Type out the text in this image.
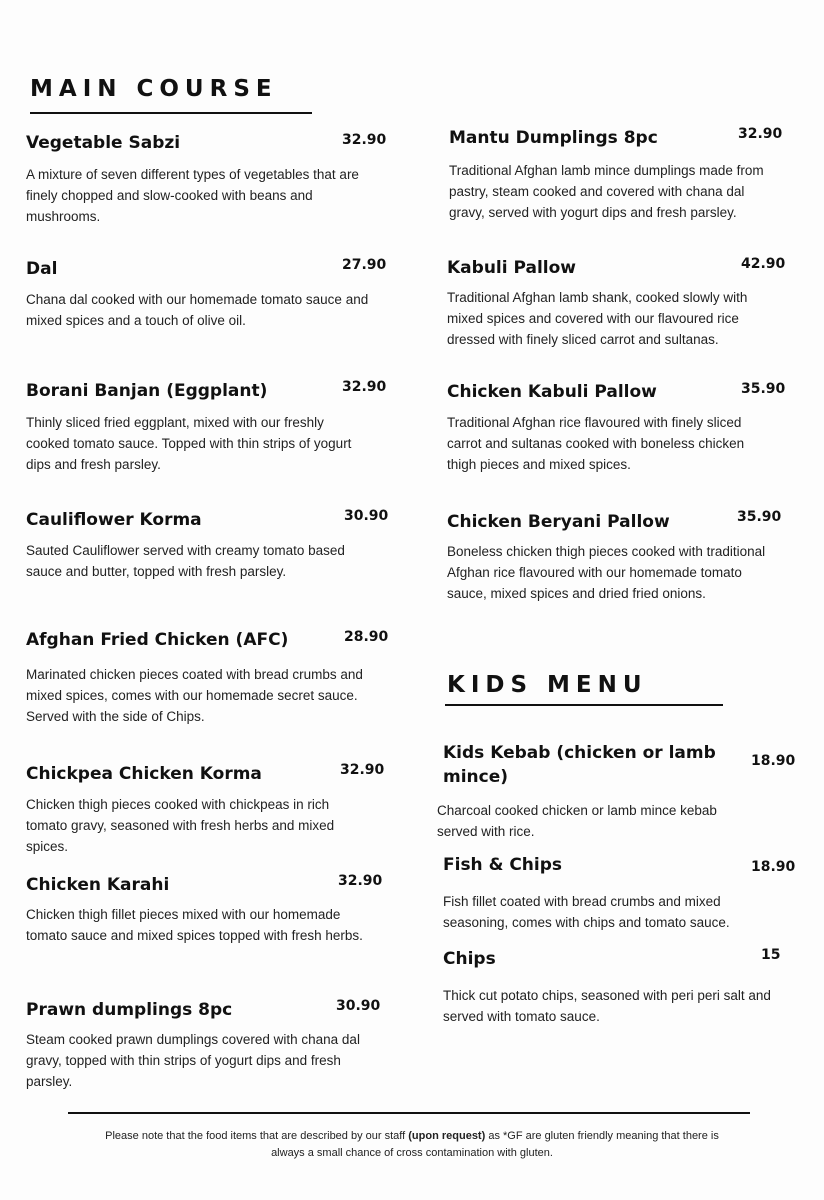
MAIN COURSE
Vegetable Sabzi	32.90

A mixture of seven different types of vegetables that are finely chopped and slow-cooked with beans and mushrooms.

Dal	27.90

Chana dal cooked with our homemade tomato sauce and mixed spices and a touch of olive oil.

Borani Banjan (Eggplant)	32.90

Thinly sliced fried eggplant, mixed with our freshly cooked tomato sauce. Topped with thin strips of yogurt dips and fresh parsley.

Cauliflower Korma	30.90

Sauted Cauliflower served with creamy tomato based sauce and butter, topped with fresh parsley.

Afghan Fried Chicken (AFC)	28.90

Marinated chicken pieces coated with bread crumbs and mixed spices, comes with our homemade secret sauce. Served with the side of Chips.

Chickpea Chicken Korma	32.90

Chicken thigh pieces cooked with chickpeas in rich tomato gravy, seasoned with fresh herbs and mixed spices.

Chicken Karahi	32.90

Chicken thigh fillet pieces mixed with our homemade tomato sauce and mixed spices topped with fresh herbs.

Prawn dumplings 8pc	30.90

Steam cooked prawn dumplings covered with chana dal gravy, topped with thin strips of yogurt dips and fresh parsley.

Mantu Dumplings 8pc	32.90

Traditional Afghan lamb mince dumplings made from pastry, steam cooked and covered with chana dal gravy, served with yogurt dips and fresh parsley.

Kabuli Pallow	42.90

Traditional Afghan lamb shank, cooked slowly with mixed spices and covered with our flavoured rice dressed with finely sliced carrot and sultanas.

Chicken Kabuli Pallow	35.90

Traditional Afghan rice flavoured with finely sliced carrot and sultanas cooked with boneless chicken thigh pieces and mixed spices.

Chicken Beryani Pallow	35.90

Boneless chicken thigh pieces cooked with traditional Afghan rice flavoured with our homemade tomato sauce, mixed spices and dried fried onions.

KIDS MENU
Kids Kebab (chicken or lamb mince)
18.90

Charcoal cooked chicken or lamb mince kebab served with rice.

Fish & Chips	18.90

Fish fillet coated with bread crumbs and mixed seasoning, comes with chips and tomato sauce.

Chips	15

Thick cut potato chips, seasoned with peri peri salt and served with tomato sauce.

Please note that the food items that are described by our staff (upon request) as *GF are gluten friendly meaning that there is always a small chance of cross contamination with gluten.
